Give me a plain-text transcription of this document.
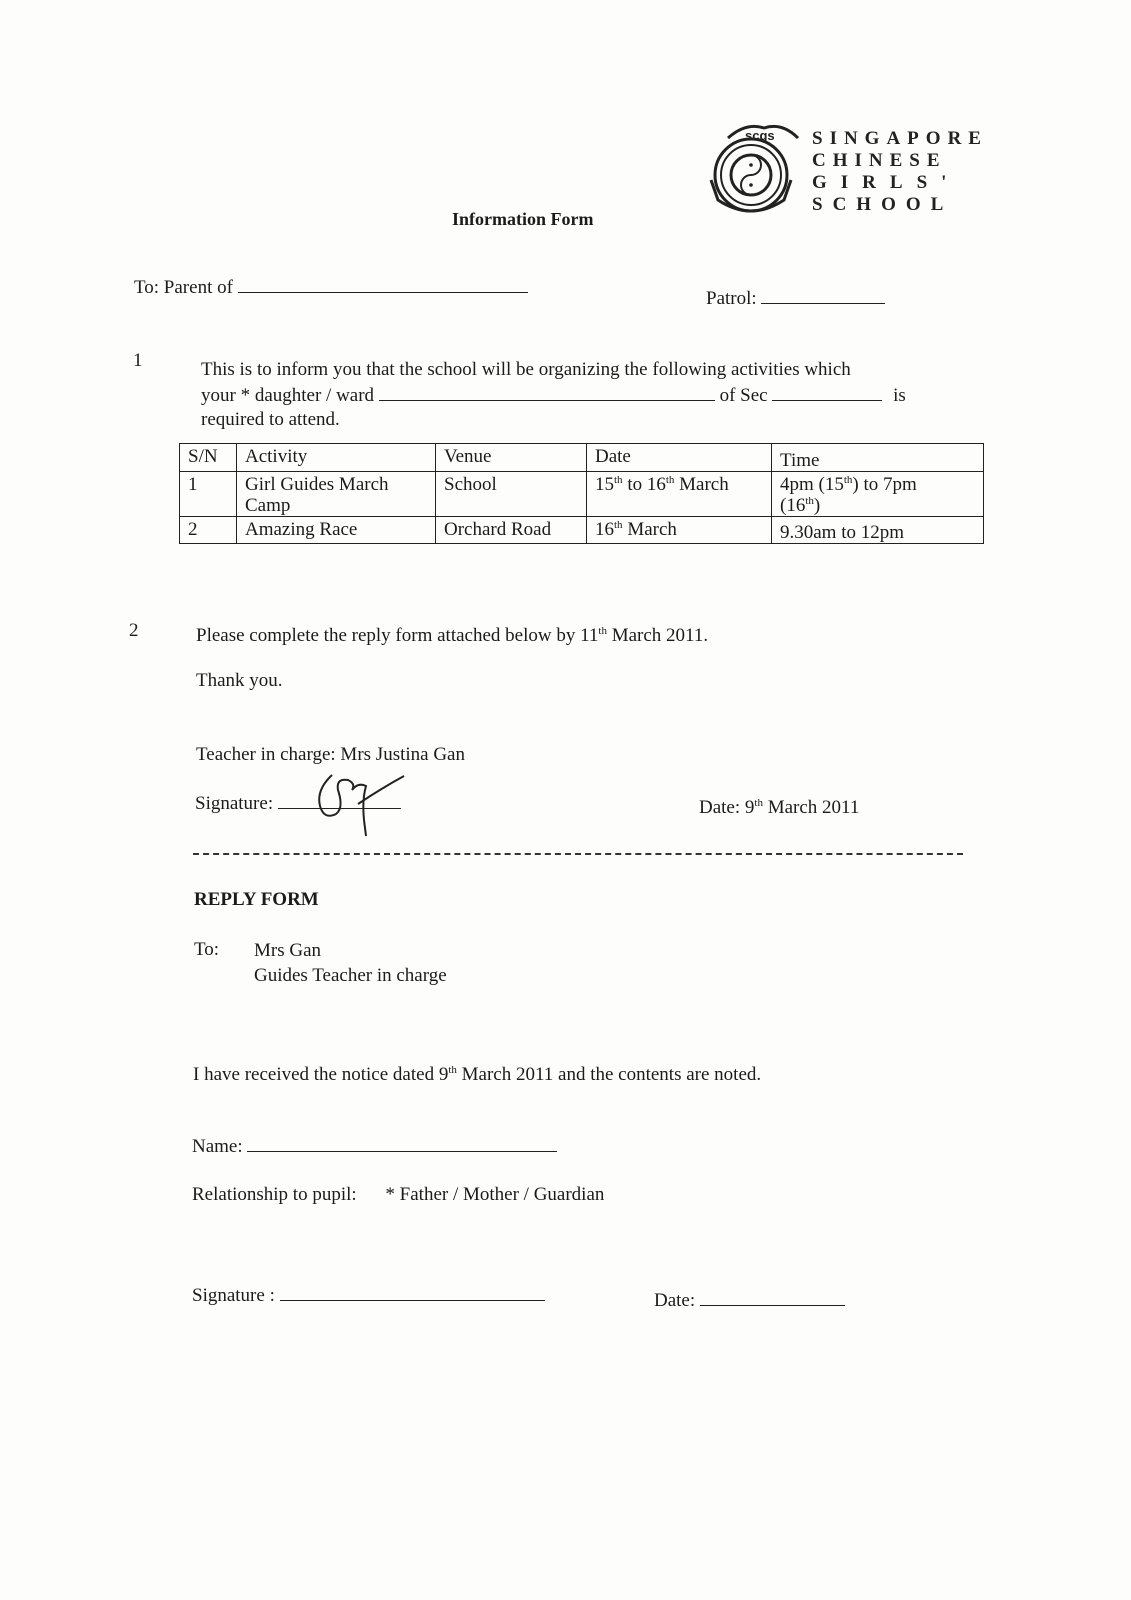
scgs SINGAPORE
CHINESE
GIRLS'
SCHOOL
Information Form
To: Parent of
Patrol:
1	This is to inform you that the school will be organizing the following activities which
your * daughter / ward	of Sec	is
required to attend.
S/N	Activity	Venue	Date	Time
1	Girl Guides March Camp	School	15th to 16th March	4pm (15th) to 7pm
(16th)
2	Amazing Race	Orchard Road	16th March	9.30am to 12pm
2	Please complete the reply form attached below by 11th March 2011.
Thank you.
Teacher in charge: Mrs Justina Gan
Signature:	Date: 9th March 2011
REPLY FORM
To: Mrs Gan
Guides Teacher in charge
I have received the notice dated 9th March 2011 and the contents are noted.
Name:
Relationship to pupil: * Father / Mother / Guardian
Signature :	Date:
